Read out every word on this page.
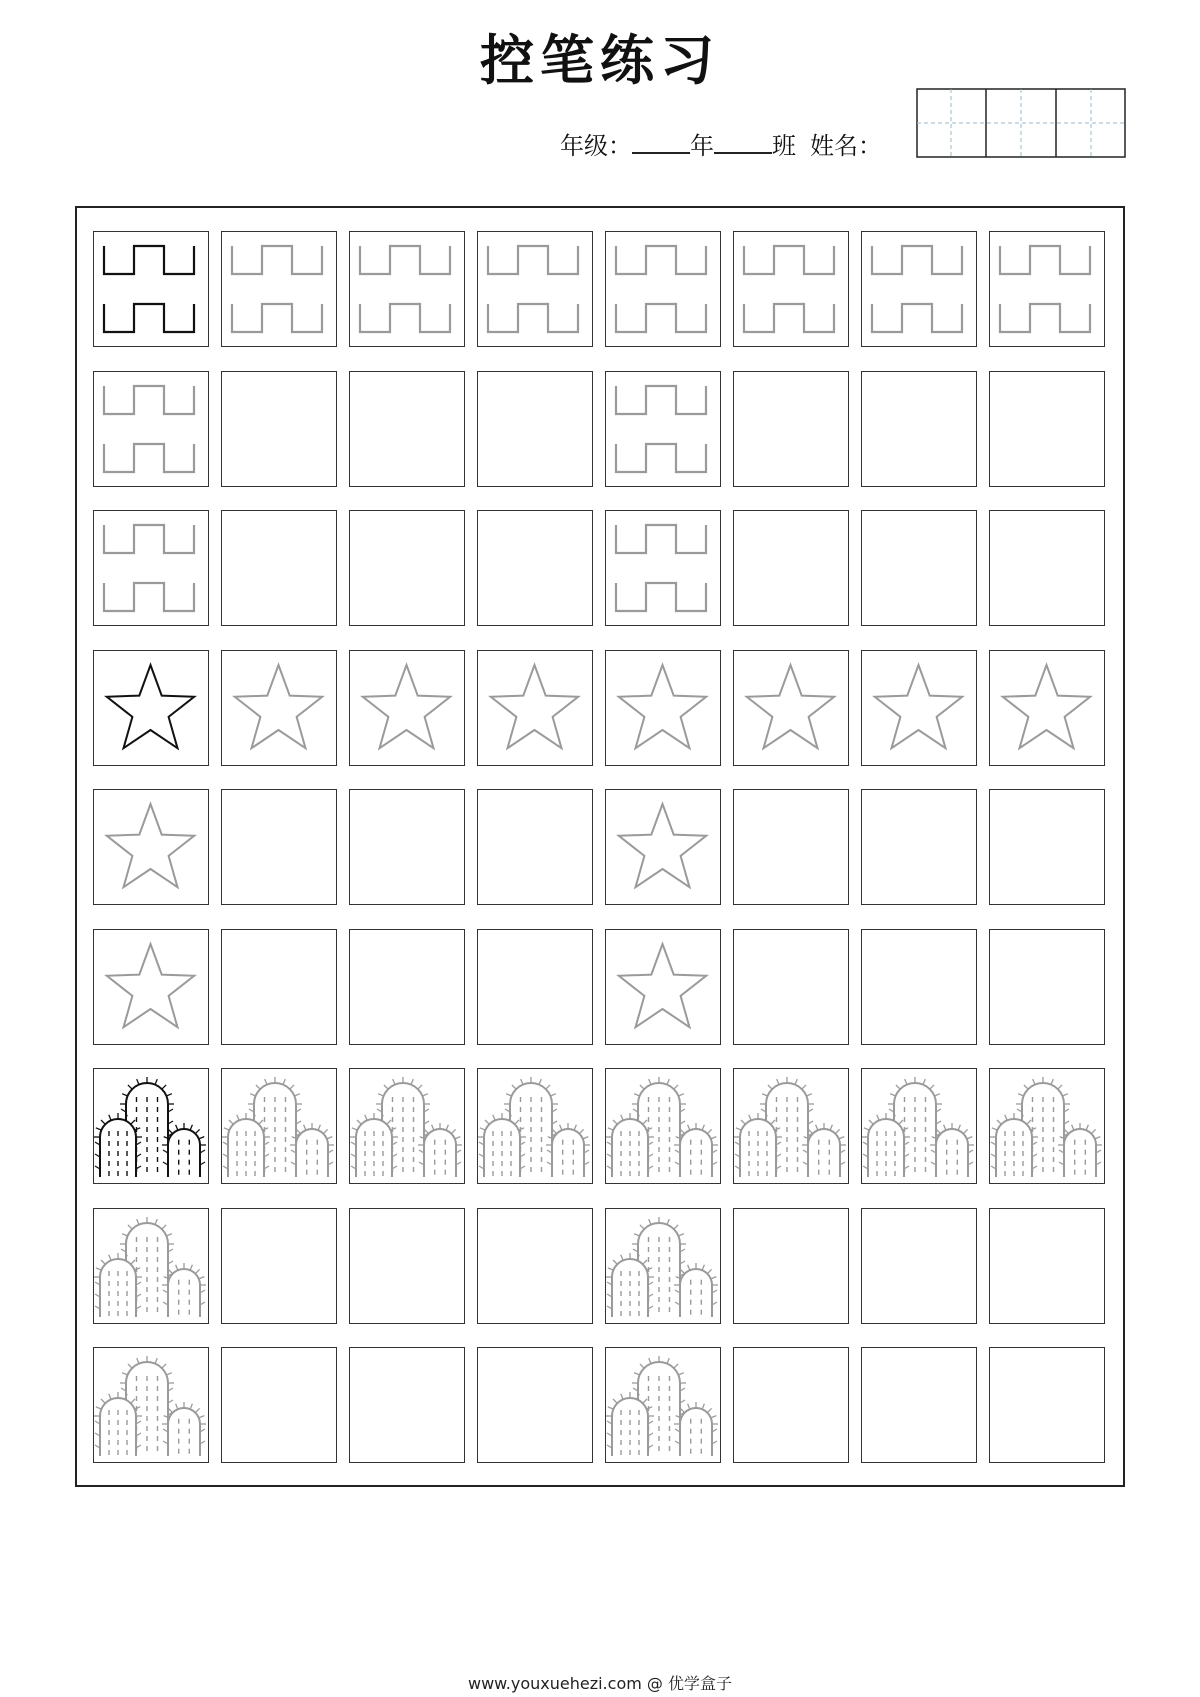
控笔练习
年级： 年 班 姓名：
www.youxuehezi.com @ 优学盒子
